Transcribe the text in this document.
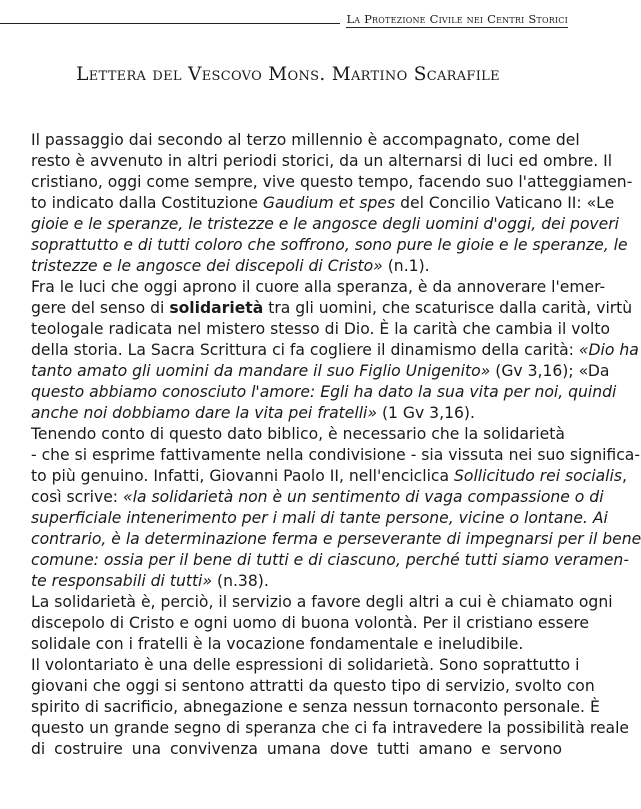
La Protezione Civile nei Centri Storici
Lettera del Vescovo Mons. Martino Scarafile

Il passaggio dai secondo al terzo millennio è accompagnato, come del
resto è avvenuto in altri periodi storici, da un alternarsi di luci ed ombre. Il
cristiano, oggi come sempre, vive questo tempo, facendo suo l'atteggiamen-
to indicato dalla Costituzione Gaudium et spes del Concilio Vaticano II: «Le
gioie e le speranze, le tristezze e le angosce degli uomini d'oggi, dei poveri
soprattutto e di tutti coloro che soffrono, sono pure le gioie e le speranze, le
tristezze e le angosce dei discepoli di Cristo» (n.1).

Fra le luci che oggi aprono il cuore alla speranza, è da annoverare l'emer-
gere del senso di solidarietà tra gli uomini, che scaturisce dalla carità, virtù
teologale radicata nel mistero stesso di Dio. È la carità che cambia il volto
della storia. La Sacra Scrittura ci fa cogliere il dinamismo della carità: «Dio ha
tanto amato gli uomini da mandare il suo Figlio Unigenito» (Gv 3,16); «Da
questo abbiamo conosciuto l'amore: Egli ha dato la sua vita per noi, quindi
anche noi dobbiamo dare la vita pei fratelli» (1 Gv 3,16).

Tenendo conto di questo dato biblico, è necessario che la solidarietà
- che si esprime fattivamente nella condivisione - sia vissuta nei suo significa-
to più genuino. Infatti, Giovanni Paolo II, nell'enciclica Sollicitudo rei socialis,
così scrive: «la solidarietà non è un sentimento di vaga compassione o di
superficiale intenerimento per i mali di tante persone, vicine o lontane. Ai
contrario, è la determinazione ferma e perseverante di impegnarsi per il bene
comune: ossia per il bene di tutti e di ciascuno, perché tutti siamo veramen-
te responsabili di tutti» (n.38).

La solidarietà è, perciò, il servizio a favore degli altri a cui è chiamato ogni
discepolo di Cristo e ogni uomo di buona volontà. Per il cristiano essere
solidale con i fratelli è la vocazione fondamentale e ineludibile.

Il volontariato è una delle espressioni di solidarietà. Sono soprattutto i
giovani che oggi si sentono attratti da questo tipo di servizio, svolto con
spirito di sacrificio, abnegazione e senza nessun tornaconto personale. È
questo un grande segno di speranza che ci fa intravedere la possibilità reale
di costruire una convivenza umana dove tutti amano e servono
